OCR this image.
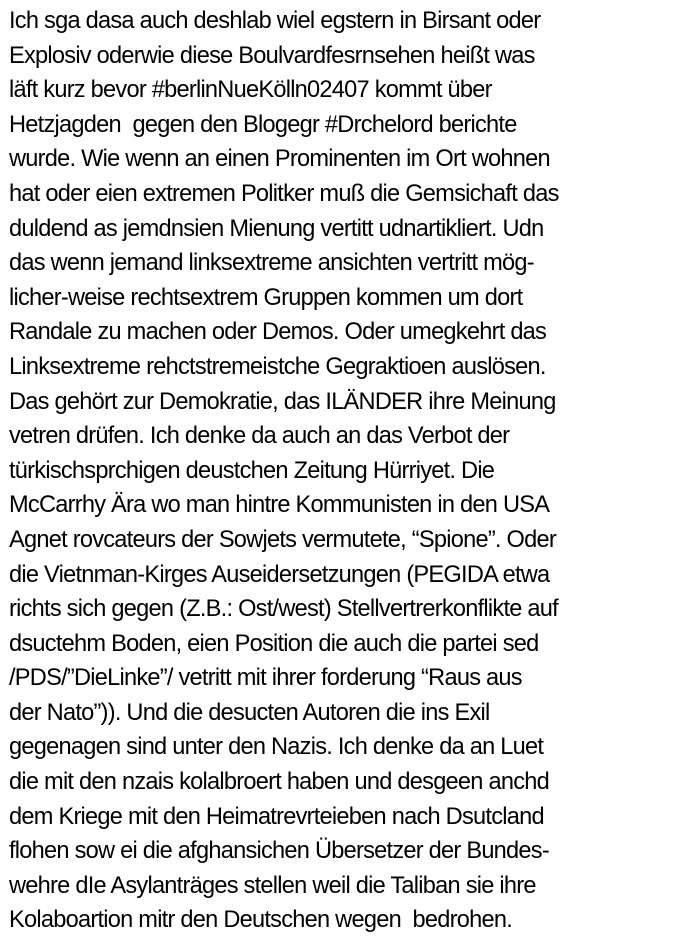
Ich sga dasa auch deshlab wiel egstern in Birsant oder
Explosiv oderwie diese Boulvardfesrnsehen heißt was
läft kurz bevor #berlinNueKölln02407 kommt über
Hetzjagden  gegen den Blogegr #Drchelord berichte
wurde. Wie wenn an einen Prominenten im Ort wohnen
hat oder eien extremen Politker muß die Gemsichaft das
duldend as jemdnsien Mienung vertitt udnartikliert. Udn
das wenn jemand linksextreme ansichten vertritt mög-
licher-weise rechtsextrem Gruppen kommen um dort
Randale zu machen oder Demos. Oder umegkehrt das
Linksextreme rehctstremeistche Gegraktioen auslösen.
Das gehört zur Demokratie, das ILÄNDER ihre Meinung
vetren drüfen. Ich denke da auch an das Verbot der
türkischsprchigen deustchen Zeitung Hürriyet. Die
McCarrhy Ära wo man hintre Kommunisten in den USA
Agnet rovcateurs der Sowjets vermutete, “Spione”. Oder
die Vietnman-Kirges Auseidersetzungen (PEGIDA etwa
richts sich gegen (Z.B.: Ost/west) Stellvertrerkonflikte auf
dsuctehm Boden, eien Position die auch die partei sed
/PDS/”DieLinke”/ vetritt mit ihrer forderung “Raus aus
der Nato”)). Und die desucten Autoren die ins Exil
gegenagen sind unter den Nazis. Ich denke da an Luet
die mit den nzais kolalbroert haben und desgeen anchd
dem Kriege mit den Heimatrevrteieben nach Dsutcland
flohen sow ei die afghansichen Übersetzer der Bundes-
wehre dIe Asylanträges stellen weil die Taliban sie ihre
Kolaboartion mitr den Deutschen wegen  bedrohen.
